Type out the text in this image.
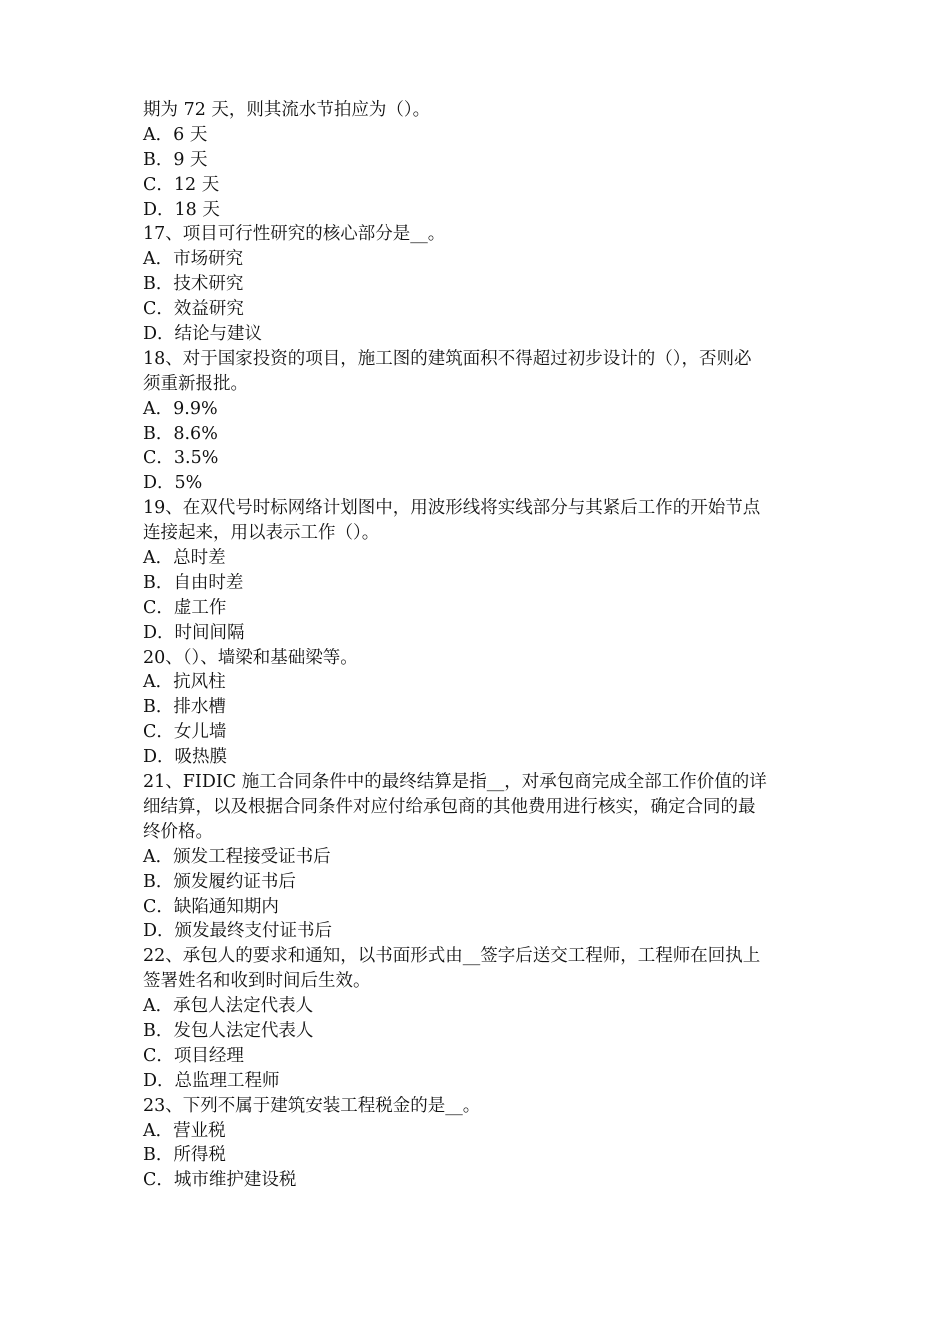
期为 72 天，则其流水节拍应为（）。
A．6 天
B．9 天
C．12 天
D．18 天
17、项目可行性研究的核心部分是__。
A．市场研究
B．技术研究
C．效益研究
D．结论与建议
18、对于国家投资的项目，施工图的建筑面积不得超过初步设计的（），否则必
须重新报批。
A．9.9%
B．8.6%
C．3.5%
D．5%
19、在双代号时标网络计划图中，用波形线将实线部分与其紧后工作的开始节点
连接起来，用以表示工作（）。
A．总时差
B．自由时差
C．虚工作
D．时间间隔
20、（）、墙梁和基础梁等。
A．抗风柱
B．排水槽
C．女儿墙
D．吸热膜
21、FIDIC 施工合同条件中的最终结算是指__，对承包商完成全部工作价值的详
细结算，以及根据合同条件对应付给承包商的其他费用进行核实，确定合同的最
终价格。
A．颁发工程接受证书后
B．颁发履约证书后
C．缺陷通知期内
D．颁发最终支付证书后
22、承包人的要求和通知，以书面形式由__签字后送交工程师，工程师在回执上
签署姓名和收到时间后生效。
A．承包人法定代表人
B．发包人法定代表人
C．项目经理
D．总监理工程师
23、下列不属于建筑安装工程税金的是__。
A．营业税
B．所得税
C．城市维护建设税
